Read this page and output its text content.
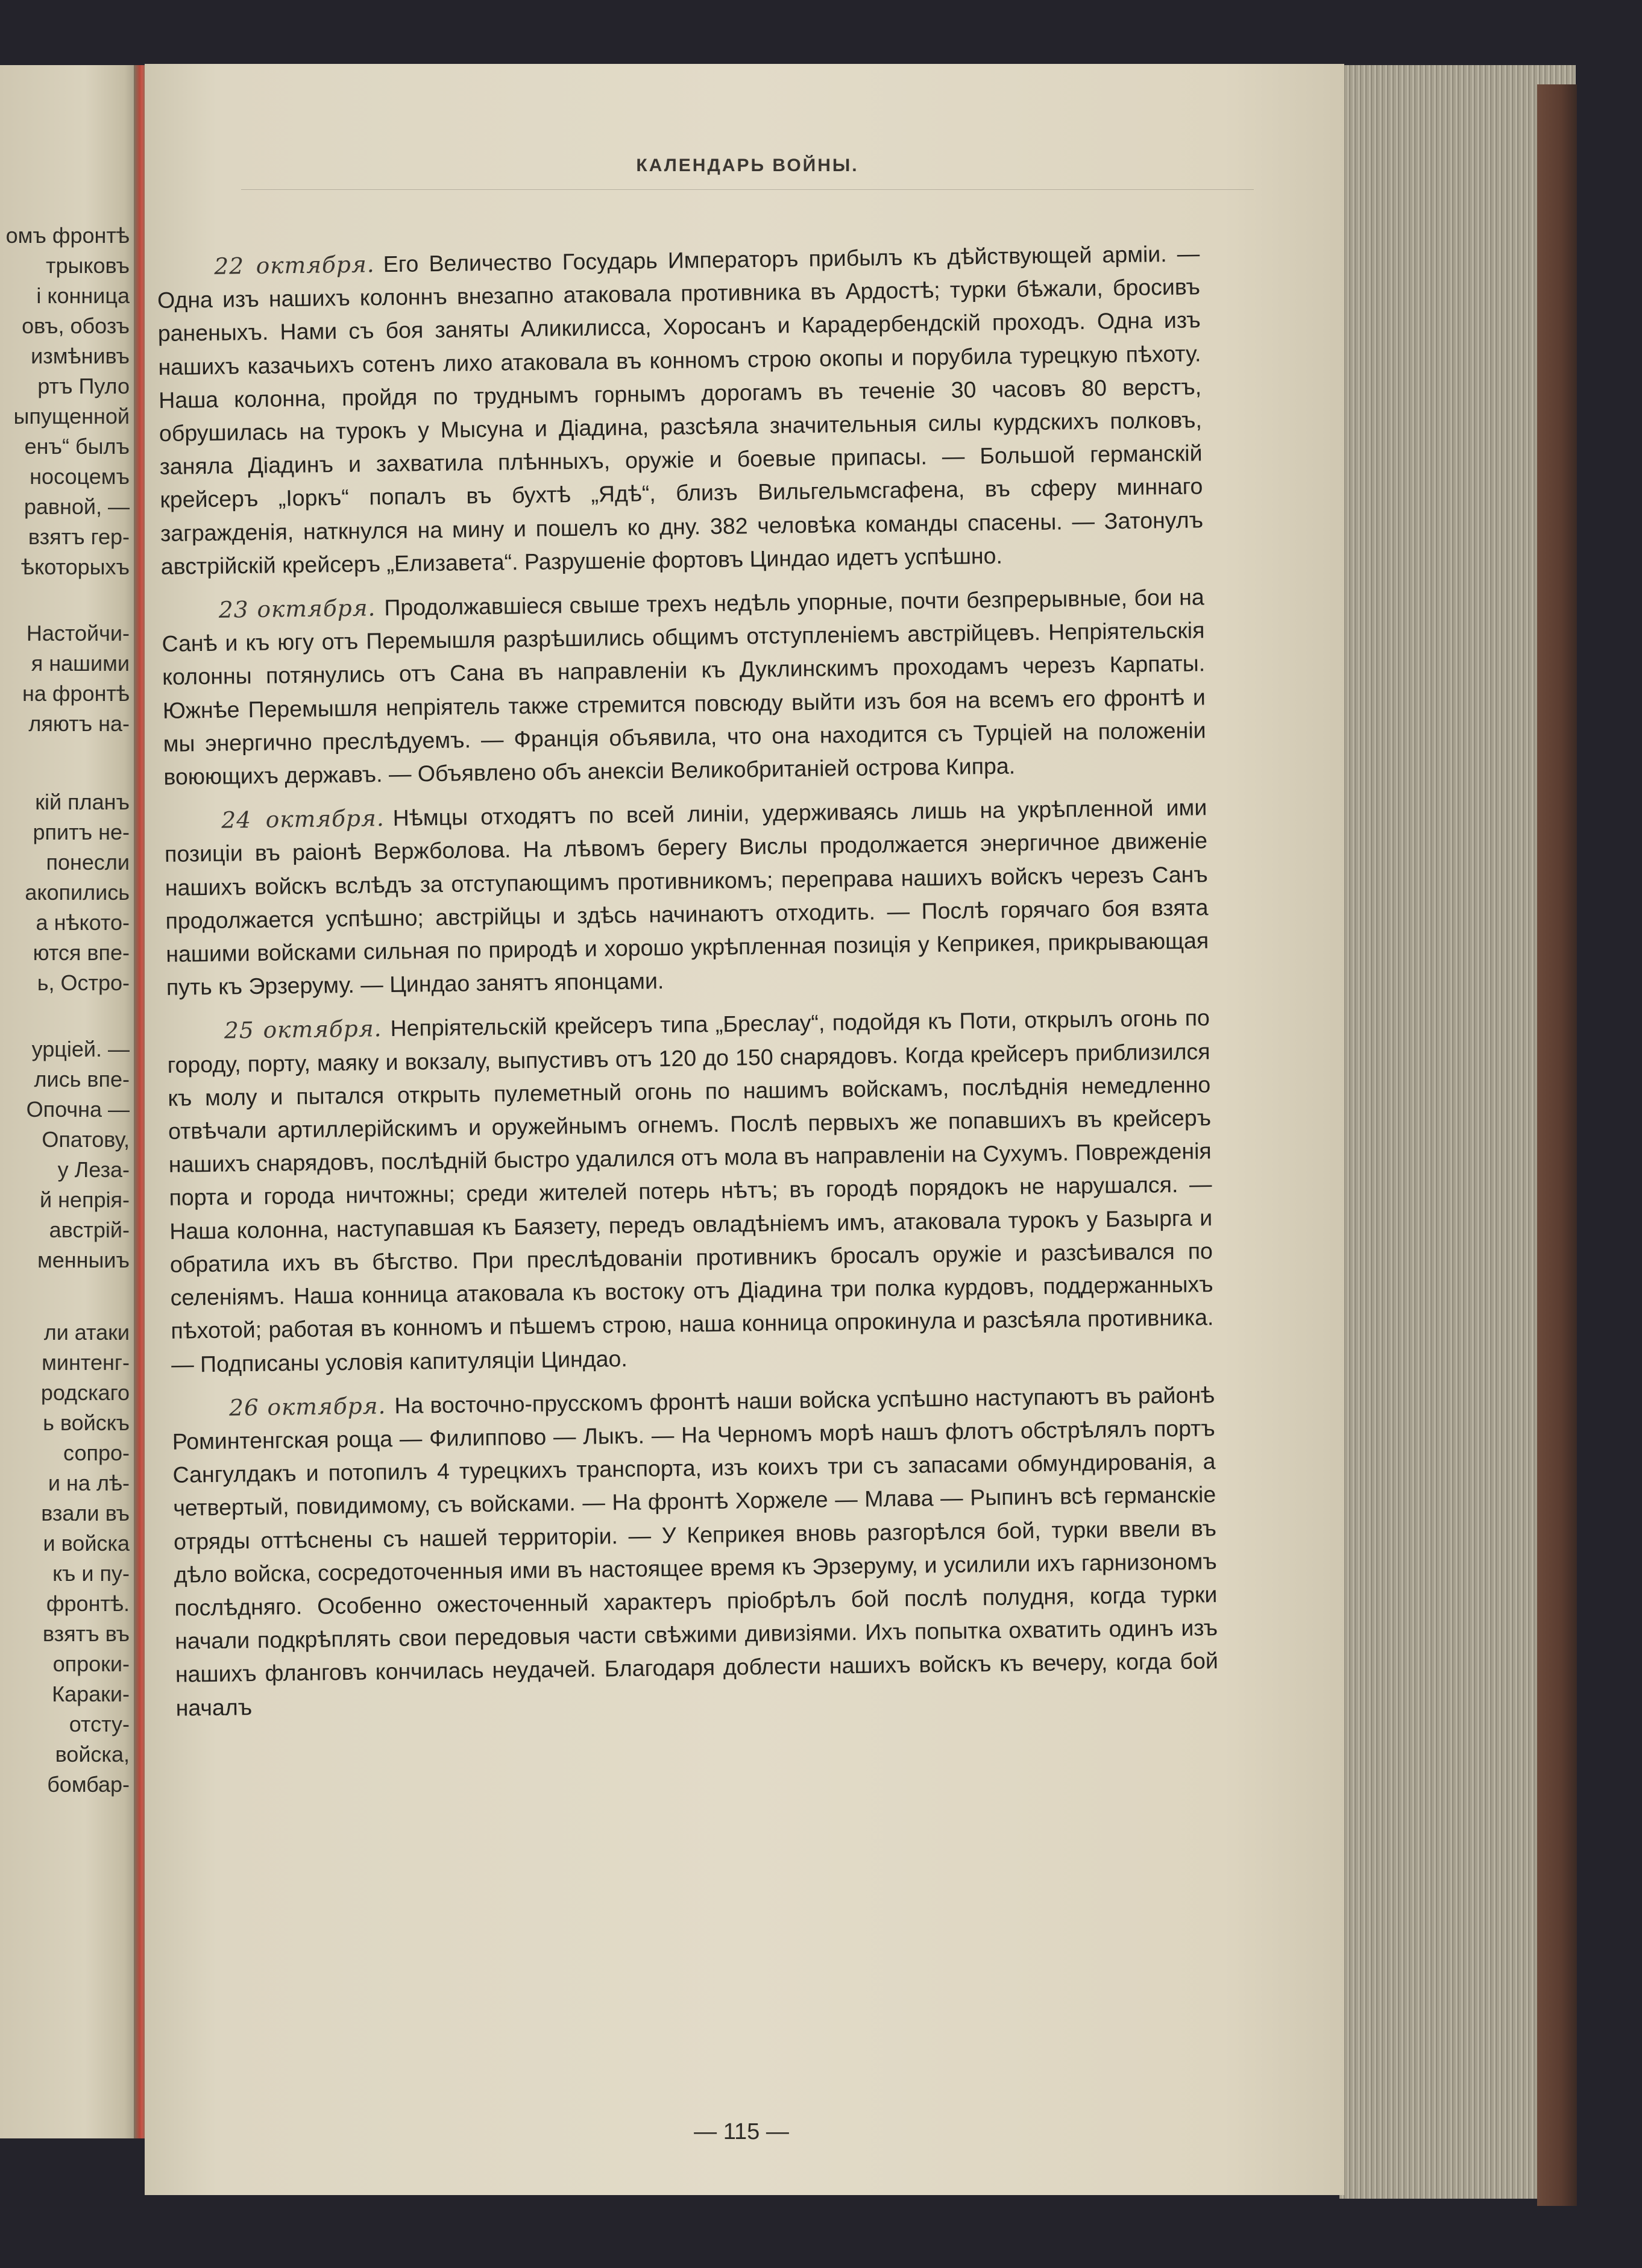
омъ фронтѣ
трыковъ
і конница
овъ, обозъ
измѣнивъ
ртъ Пуло
ыпущенной
енъ“ былъ
носоцемъ
равной, —
взятъ гер-
ѣкоторыхъ
Настойчи-
я нашими
на фронтѣ
ляютъ на-
кій планъ
рпитъ не-
понесли
акопились
а нѣкото-
ются впе-
ь, Остро-
урціей. —
лись впе-
Опочна —
Опатову,
у Леза-
й непрія-
австрій-
менныиъ
ли атаки
минтенг-
родскаго
ь войскъ
сопро-
и на лѣ-
взали въ
и войска
къ и пу-
фронтѣ.
взятъ въ
опроки-
Караки-
отсту-
войска,
бомбар-
КАЛЕНДАРЬ ВОЙНЫ.

22 октября. Его Величество Государь Императоръ прибылъ къ дѣйствующей арміи. — Одна изъ нашихъ колоннъ внезапно атаковала противника въ Ардостѣ; турки бѣжали, бросивъ раненыхъ. Нами съ боя заняты Аликилисса, Хоросанъ и Карадербендскій проходъ. Одна изъ нашихъ казачьихъ сотенъ лихо атаковала въ конномъ строю окопы и порубила турецкую пѣхоту. Наша колонна, пройдя по труднымъ горнымъ дорогамъ въ теченіе 30 часовъ 80 верстъ, обрушилась на турокъ у Мысуна и Діадина, разсѣяла значительныя силы курдскихъ полковъ, заняла Діадинъ и захватила плѣнныхъ, оружіе и боевые припасы. — Большой германскій крейсеръ „Іоркъ“ попалъ въ бухтѣ „Ядѣ“, близъ Вильгельмсгафена, въ сферу миннаго загражденія, наткнулся на мину и пошелъ ко дну. 382 человѣка команды спасены. — Затонулъ австрійскій крейсеръ „Елизавета“. Разрушеніе фортовъ Циндао идетъ успѣшно.

23 октября. Продолжавшіеся свыше трехъ недѣль упорные, почти безпрерывные, бои на Санѣ и къ югу отъ Перемышля разрѣшились общимъ отступленіемъ австрійцевъ. Непріятельскія колонны потянулись отъ Сана въ направленіи къ Дуклинскимъ проходамъ черезъ Карпаты. Южнѣе Перемышля непріятель также стремится повсюду выйти изъ боя на всемъ его фронтѣ и мы энергично преслѣдуемъ. — Франція объявила, что она находится съ Турціей на положеніи воюющихъ державъ. — Объявлено объ анексіи Великобританіей острова Кипра.

24 октября. Нѣмцы отходятъ по всей линіи, удерживаясь лишь на укрѣпленной ими позиціи въ раіонѣ Вержболова. На лѣвомъ берегу Вислы продолжается энергичное движеніе нашихъ войскъ вслѣдъ за отступающимъ противникомъ; переправа нашихъ войскъ черезъ Санъ продолжается успѣшно; австрійцы и здѣсь начинаютъ отходить. — Послѣ горячаго боя взята нашими войсками сильная по природѣ и хорошо укрѣпленная позиція у Кеприкея, прикрывающая путь къ Эрзеруму. — Циндао занятъ японцами.

25 октября. Непріятельскій крейсеръ типа „Бреслау“, подойдя къ Поти, открылъ огонь по городу, порту, маяку и вокзалу, выпустивъ отъ 120 до 150 снарядовъ. Когда крейсеръ приблизился къ молу и пытался открыть пулеметный огонь по нашимъ войскамъ, послѣднія немедленно отвѣчали артиллерійскимъ и оружейнымъ огнемъ. Послѣ первыхъ же попавшихъ въ крейсеръ нашихъ снарядовъ, послѣдній быстро удалился отъ мола въ направленіи на Сухумъ. Поврежденія порта и города ничтожны; среди жителей потерь нѣтъ; въ городѣ порядокъ не нарушался. — Наша колонна, наступавшая къ Баязету, передъ овладѣніемъ имъ, атаковала турокъ у Базырга и обратила ихъ въ бѣгство. При преслѣдованіи противникъ бросалъ оружіе и разсѣивался по селеніямъ. Наша конница атаковала къ востоку отъ Діадина три полка курдовъ, поддержанныхъ пѣхотой; работая въ конномъ и пѣшемъ строю, наша конница опрокинула и разсѣяла противника. — Подписаны условія капитуляціи Циндао.

26 октября. На восточно-прусскомъ фронтѣ наши войска успѣшно наступаютъ въ районѣ Роминтенгская роща — Филиппово — Лыкъ. — На Черномъ морѣ нашъ флотъ обстрѣлялъ портъ Сангулдакъ и потопилъ 4 турецкихъ транспорта, изъ коихъ три съ запасами обмундированія, а четвертый, повидимому, съ войсками. — На фронтѣ Хоржеле — Млава — Рыпинъ всѣ германскіе отряды оттѣснены съ нашей территоріи. — У Кеприкея вновь разгорѣлся бой, турки ввели въ дѣло войска, сосредоточенныя ими въ настоящее время къ Эрзеруму, и усилили ихъ гарнизономъ послѣдняго. Особенно ожесточенный характеръ пріобрѣлъ бой послѣ полудня, когда турки начали подкрѣплять свои передовыя части свѣжими дивизіями. Ихъ попытка охватить одинъ изъ нашихъ фланговъ кончилась неудачей. Благодаря доблести нашихъ войскъ къ вечеру, когда бой началъ

— 115 —
